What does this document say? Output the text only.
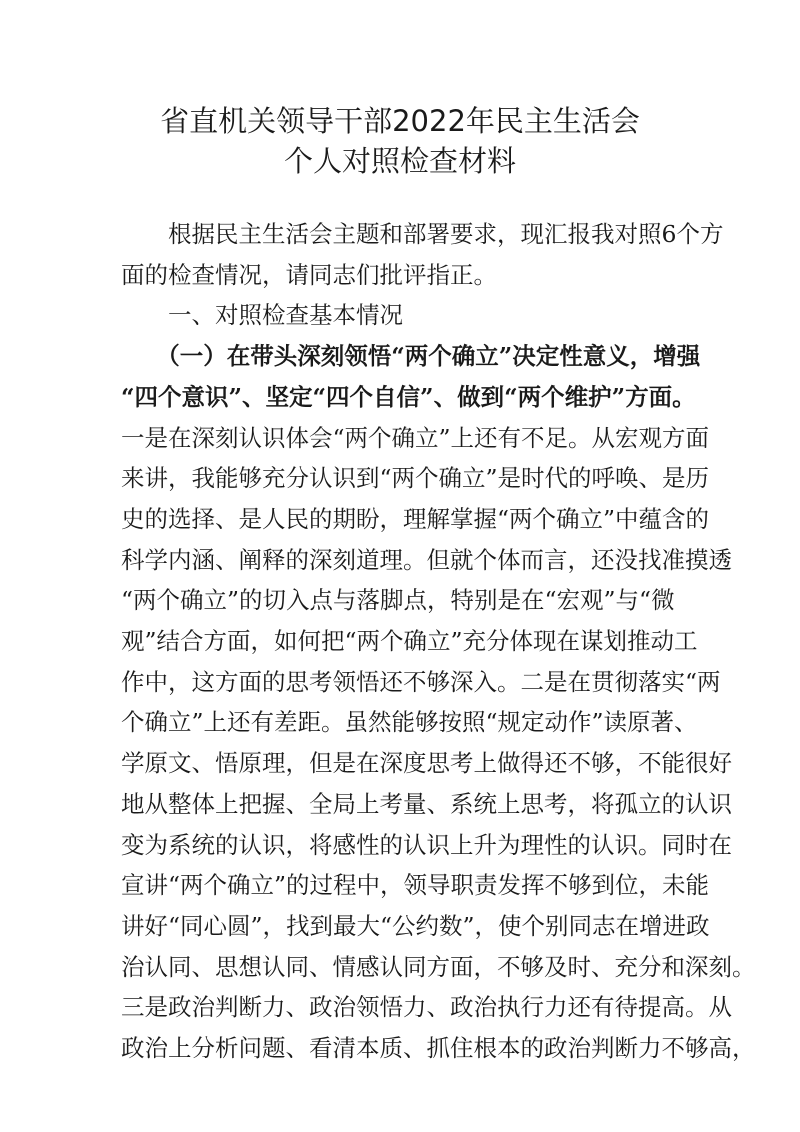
省直机关领导干部2022年民主生活会
个人对照检查材料
　　根据民主生活会主题和部署要求，现汇报我对照6个方
面的检查情况，请同志们批评指正。
　　一、对照检查基本情况
　　（一）在带头深刻领悟“两个确立”决定性意义，增强
“四个意识”、坚定“四个自信”、做到“两个维护”方面。
一是在深刻认识体会“两个确立”上还有不足。从宏观方面
来讲，我能够充分认识到“两个确立”是时代的呼唤、是历
史的选择、是人民的期盼，理解掌握“两个确立”中蕴含的
科学内涵、阐释的深刻道理。但就个体而言，还没找准摸透
“两个确立”的切入点与落脚点，特别是在“宏观”与“微
观”结合方面，如何把“两个确立”充分体现在谋划推动工
作中，这方面的思考领悟还不够深入。二是在贯彻落实“两
个确立”上还有差距。虽然能够按照“规定动作”读原著、
学原文、悟原理，但是在深度思考上做得还不够，不能很好
地从整体上把握、全局上考量、系统上思考，将孤立的认识
变为系统的认识，将感性的认识上升为理性的认识。同时在
宣讲“两个确立”的过程中，领导职责发挥不够到位，未能
讲好“同心圆”，找到最大“公约数”，使个别同志在增进政
治认同、思想认同、情感认同方面，不够及时、充分和深刻。
三是政治判断力、政治领悟力、政治执行力还有待提高。从
政治上分析问题、看清本质、抓住根本的政治判断力不够高，
